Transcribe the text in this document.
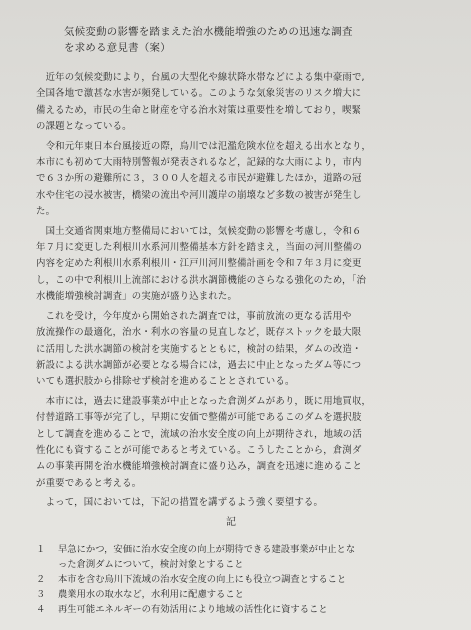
気候変動の影響を踏まえた治水機能増強のための迅速な調査
を求める意見書（案）
　近年の気候変動により，台風の大型化や線状降水帯などによる集中豪雨で,
全国各地で激甚な水害が頻発している。このような気象災害のリスク増大に
備えるため，市民の生命と財産を守る治水対策は重要性を増しており，喫緊
の課題となっている。
　令和元年東日本台風接近の際，烏川では氾濫危険水位を超える出水となり，
本市にも初めて大雨特別警報が発表されるなど，記録的な大雨により，市内
で６３か所の避難所に３，３００人を超える市民が避難したほか，道路の冠
水や住宅の浸水被害，橋梁の流出や河川護岸の崩壊など多数の被害が発生し
た。
　国土交通省関東地方整備局においては，気候変動の影響を考慮し，令和６
年７月に変更した利根川水系河川整備基本方針を踏まえ，当面の河川整備の
内容を定めた利根川水系利根川・江戸川河川整備計画を令和７年３月に変更
し，この中で利根川上流部における洪水調節機能のさらなる強化のため，「治
水機能増強検討調査」の実施が盛り込まれた。
　これを受け，今年度から開始された調査では，事前放流の更なる活用や
放流操作の最適化，治水・利水の容量の見直しなど，既存ストックを最大限
に活用した洪水調節の検討を実施するとともに，検討の結果，ダムの改造・
新設による洪水調節が必要となる場合には，過去に中止となったダム等につ
いても選択肢から排除せず検討を進めることとされている。
　本市には，過去に建設事業が中止となった倉渕ダムがあり，既に用地買収，
付替道路工事等が完了し，早期に安価で整備が可能であるこのダムを選択肢
として調査を進めることで，流域の治水安全度の向上が期待され，地域の活
性化にも資することが可能であると考えている。こうしたことから，倉渕ダ
ムの事業再開を治水機能増強検討調査に盛り込み，調査を迅速に進めること
が重要であると考える。
　よって，国においては，下記の措置を講ずるよう強く要望する。
記
１	早急にかつ，安価に治水安全度の向上が期待できる建設事業が中止とな
った倉渕ダムについて，検討対象とすること
２	本市を含む烏川下流域の治水安全度の向上にも役立つ調査とすること
３	農業用水の取水など，水利用に配慮すること
４	再生可能エネルギーの有効活用により地域の活性化に資すること
